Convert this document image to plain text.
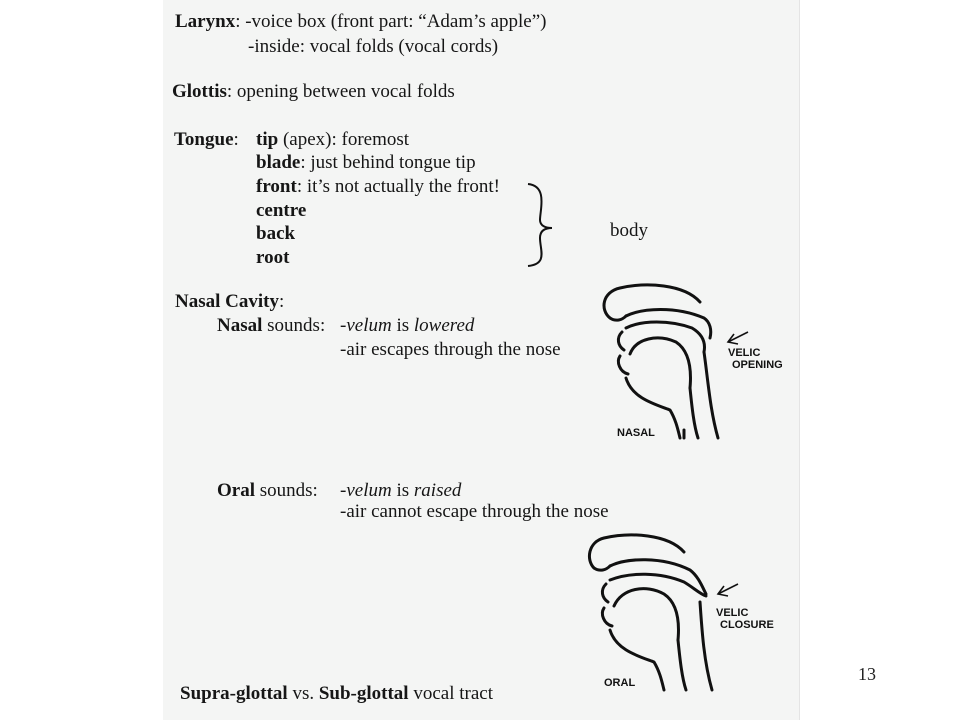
Larynx: -voice box (front part: “Adam’s apple”)
-inside: vocal folds (vocal cords)
Glottis: opening between vocal folds
Tongue: tip (apex): foremost
blade: just behind tongue tip
front: it’s not actually the front!
centre
back
root
body
Nasal Cavity:
Nasal sounds: -velum is lowered
-air escapes through the nose
Oral sounds: -velum is raised
-air cannot escape through the nose
VELIC
OPENING
NASAL
VELIC
CLOSURE
ORAL
Supra-glottal vs. Sub-glottal vocal tract
13
